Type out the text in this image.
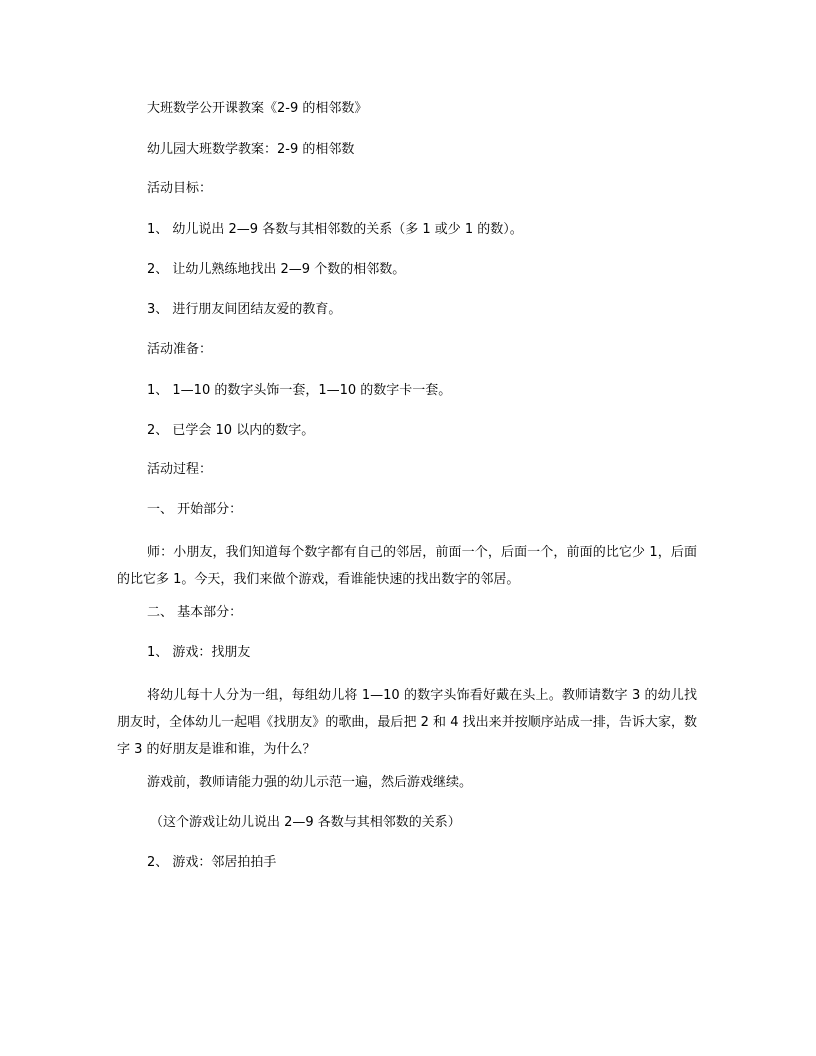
大班数学公开课教案《2-9 的相邻数》
幼儿园大班数学教案：2-9 的相邻数
活动目标：
1、 幼儿说出 2—9 各数与其相邻数的关系（多 1 或少 1 的数）。
2、 让幼儿熟练地找出 2—9 个数的相邻数。
3、 进行朋友间团结友爱的教育。
活动准备：
1、 1—10 的数字头饰一套，1—10 的数字卡一套。
2、 已学会 10 以内的数字。
活动过程：
一、 开始部分：
师：小朋友，我们知道每个数字都有自己的邻居，前面一个，后面一个，前面的比它少 1，后面的比它多 1。今天，我们来做个游戏，看谁能快速的找出数字的邻居。
二、 基本部分：
1、 游戏：找朋友
将幼儿每十人分为一组，每组幼儿将 1—10 的数字头饰看好戴在头上。教师请数字 3 的幼儿找朋友时，全体幼儿一起唱《找朋友》的歌曲，最后把 2 和 4 找出来并按顺序站成一排，告诉大家，数字 3 的好朋友是谁和谁，为什么？
游戏前，教师请能力强的幼儿示范一遍，然后游戏继续。
（这个游戏让幼儿说出 2—9 各数与其相邻数的关系）
2、 游戏：邻居拍拍手
